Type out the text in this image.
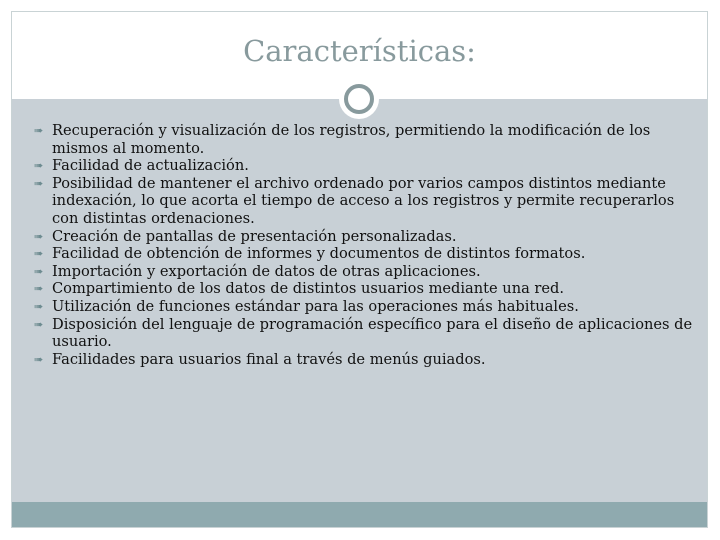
Características:
➠ Recuperación y visualización de los registros, permitiendo la modificación de los mismos al momento.
➠ Facilidad de actualización.
➠ Posibilidad de mantener el archivo ordenado por varios campos distintos mediante indexación, lo que acorta el tiempo de acceso a los registros y permite recuperarlos con distintas ordenaciones.
➠ Creación de pantallas de presentación personalizadas.
➠ Facilidad de obtención de informes y documentos de distintos formatos.
➠ Importación y exportación de datos de otras aplicaciones.
➠ Compartimiento de los datos de distintos usuarios mediante una red.
➠ Utilización de funciones estándar para las operaciones más habituales.
➠ Disposición del lenguaje de programación específico para el diseño de aplicaciones de usuario.
➠ Facilidades para usuarios final a través de menús guiados.
